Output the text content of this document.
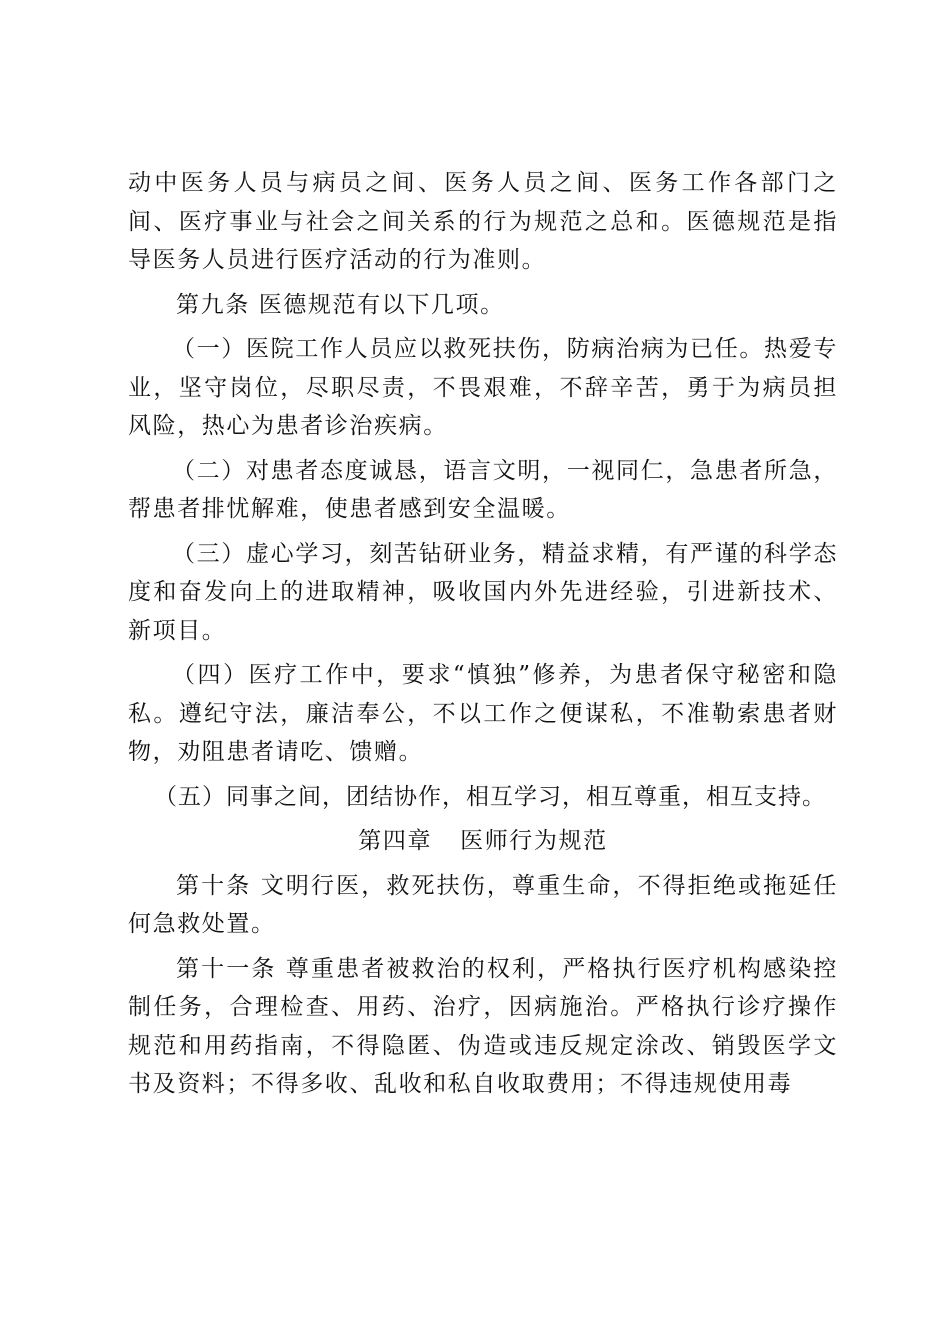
动中医务人员与病员之间、医务人员之间、医务工作各部门之间、医疗事业与社会之间关系的行为规范之总和。医德规范是指导医务人员进行医疗活动的行为准则。

第九条 医德规范有以下几项。

（一）医院工作人员应以救死扶伤，防病治病为已任。热爱专业，坚守岗位，尽职尽责，不畏艰难，不辞辛苦，勇于为病员担风险，热心为患者诊治疾病。

（二）对患者态度诚恳，语言文明，一视同仁，急患者所急，帮患者排忧解难，使患者感到安全温暖。

（三）虚心学习，刻苦钻研业务，精益求精，有严谨的科学态度和奋发向上的进取精神，吸收国内外先进经验，引进新技术、新项目。

（四）医疗工作中，要求“慎独”修养，为患者保守秘密和隐私。遵纪守法，廉洁奉公，不以工作之便谋私，不准勒索患者财物，劝阻患者请吃、馈赠。

（五）同事之间，团结协作，相互学习，相互尊重，相互支持。

第四章 医师行为规范

第十条 文明行医，救死扶伤，尊重生命，不得拒绝或拖延任何急救处置。

第十一条 尊重患者被救治的权利，严格执行医疗机构感染控制任务，合理检查、用药、治疗，因病施治。严格执行诊疗操作规范和用药指南，不得隐匿、伪造或违反规定涂改、销毁医学文书及资料；不得多收、乱收和私自收取费用；不得违规使用毒
